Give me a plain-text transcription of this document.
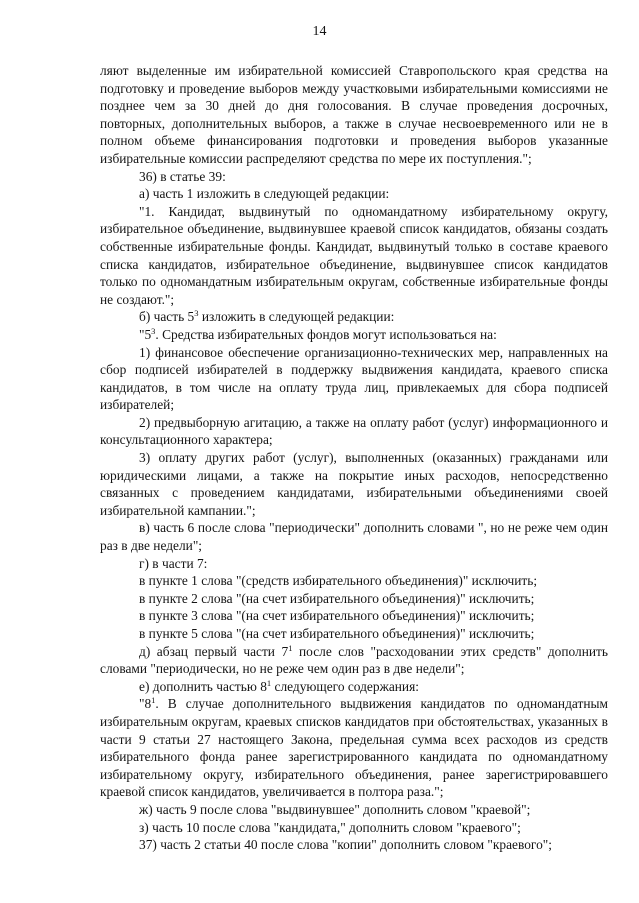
14

ляют выделенные им избирательной комиссией Ставропольского края средства на подготовку и проведение выборов между участковыми избирательными комиссиями не позднее чем за 30 дней до дня голосования. В случае проведения досрочных, повторных, дополнительных выборов, а также в случае несвоевременного или не в полном объеме финансирования подготовки и проведения выборов указанные избирательные комиссии распределяют средства по мере их поступления.";

36) в статье 39:

а) часть 1 изложить в следующей редакции:

"1. Кандидат, выдвинутый по одномандатному избирательному округу, избирательное объединение, выдвинувшее краевой список кандидатов, обязаны создать собственные избирательные фонды. Кандидат, выдвинутый только в составе краевого списка кандидатов, избирательное объединение, выдвинувшее список кандидатов только по одномандатным избирательным округам, собственные избирательные фонды не создают.";

б) часть $5^3$ изложить в следующей редакции:

"$5^3$. Средства избирательных фондов могут использоваться на:

1) финансовое обеспечение организационно-технических мер, направленных на сбор подписей избирателей в поддержку выдвижения кандидата, краевого списка кандидатов, в том числе на оплату труда лиц, привлекаемых для сбора подписей избирателей;

2) предвыборную агитацию, а также на оплату работ (услуг) информационного и консультационного характера;

3) оплату других работ (услуг), выполненных (оказанных) гражданами или юридическими лицами, а также на покрытие иных расходов, непосредственно связанных с проведением кандидатами, избирательными объединениями своей избирательной кампании.";

в) часть 6 после слова "периодически" дополнить словами ", но не реже чем один раз в две недели";

г) в части 7:

в пункте 1 слова "(средств избирательного объединения)" исключить;

в пункте 2 слова "(на счет избирательного объединения)" исключить;

в пункте 3 слова "(на счет избирательного объединения)" исключить;

в пункте 5 слова "(на счет избирательного объединения)" исключить;

д) абзац первый части $7^1$ после слов "расходовании этих средств" дополнить словами "периодически, но не реже чем один раз в две недели";

е) дополнить частью $8^1$ следующего содержания:

"$8^1$. В случае дополнительного выдвижения кандидатов по одномандатным избирательным округам, краевых списков кандидатов при обстоятельствах, указанных в части 9 статьи 27 настоящего Закона, предельная сумма всех расходов из средств избирательного фонда ранее зарегистрированного кандидата по одномандатному избирательному округу, избирательного объединения, ранее зарегистрировавшего краевой список кандидатов, увеличивается в полтора раза.";

ж) часть 9 после слова "выдвинувшее" дополнить словом "краевой";

з) часть 10 после слова "кандидата," дополнить словом "краевого";

37) часть 2 статьи 40 после слова "копии" дополнить словом "краевого";
